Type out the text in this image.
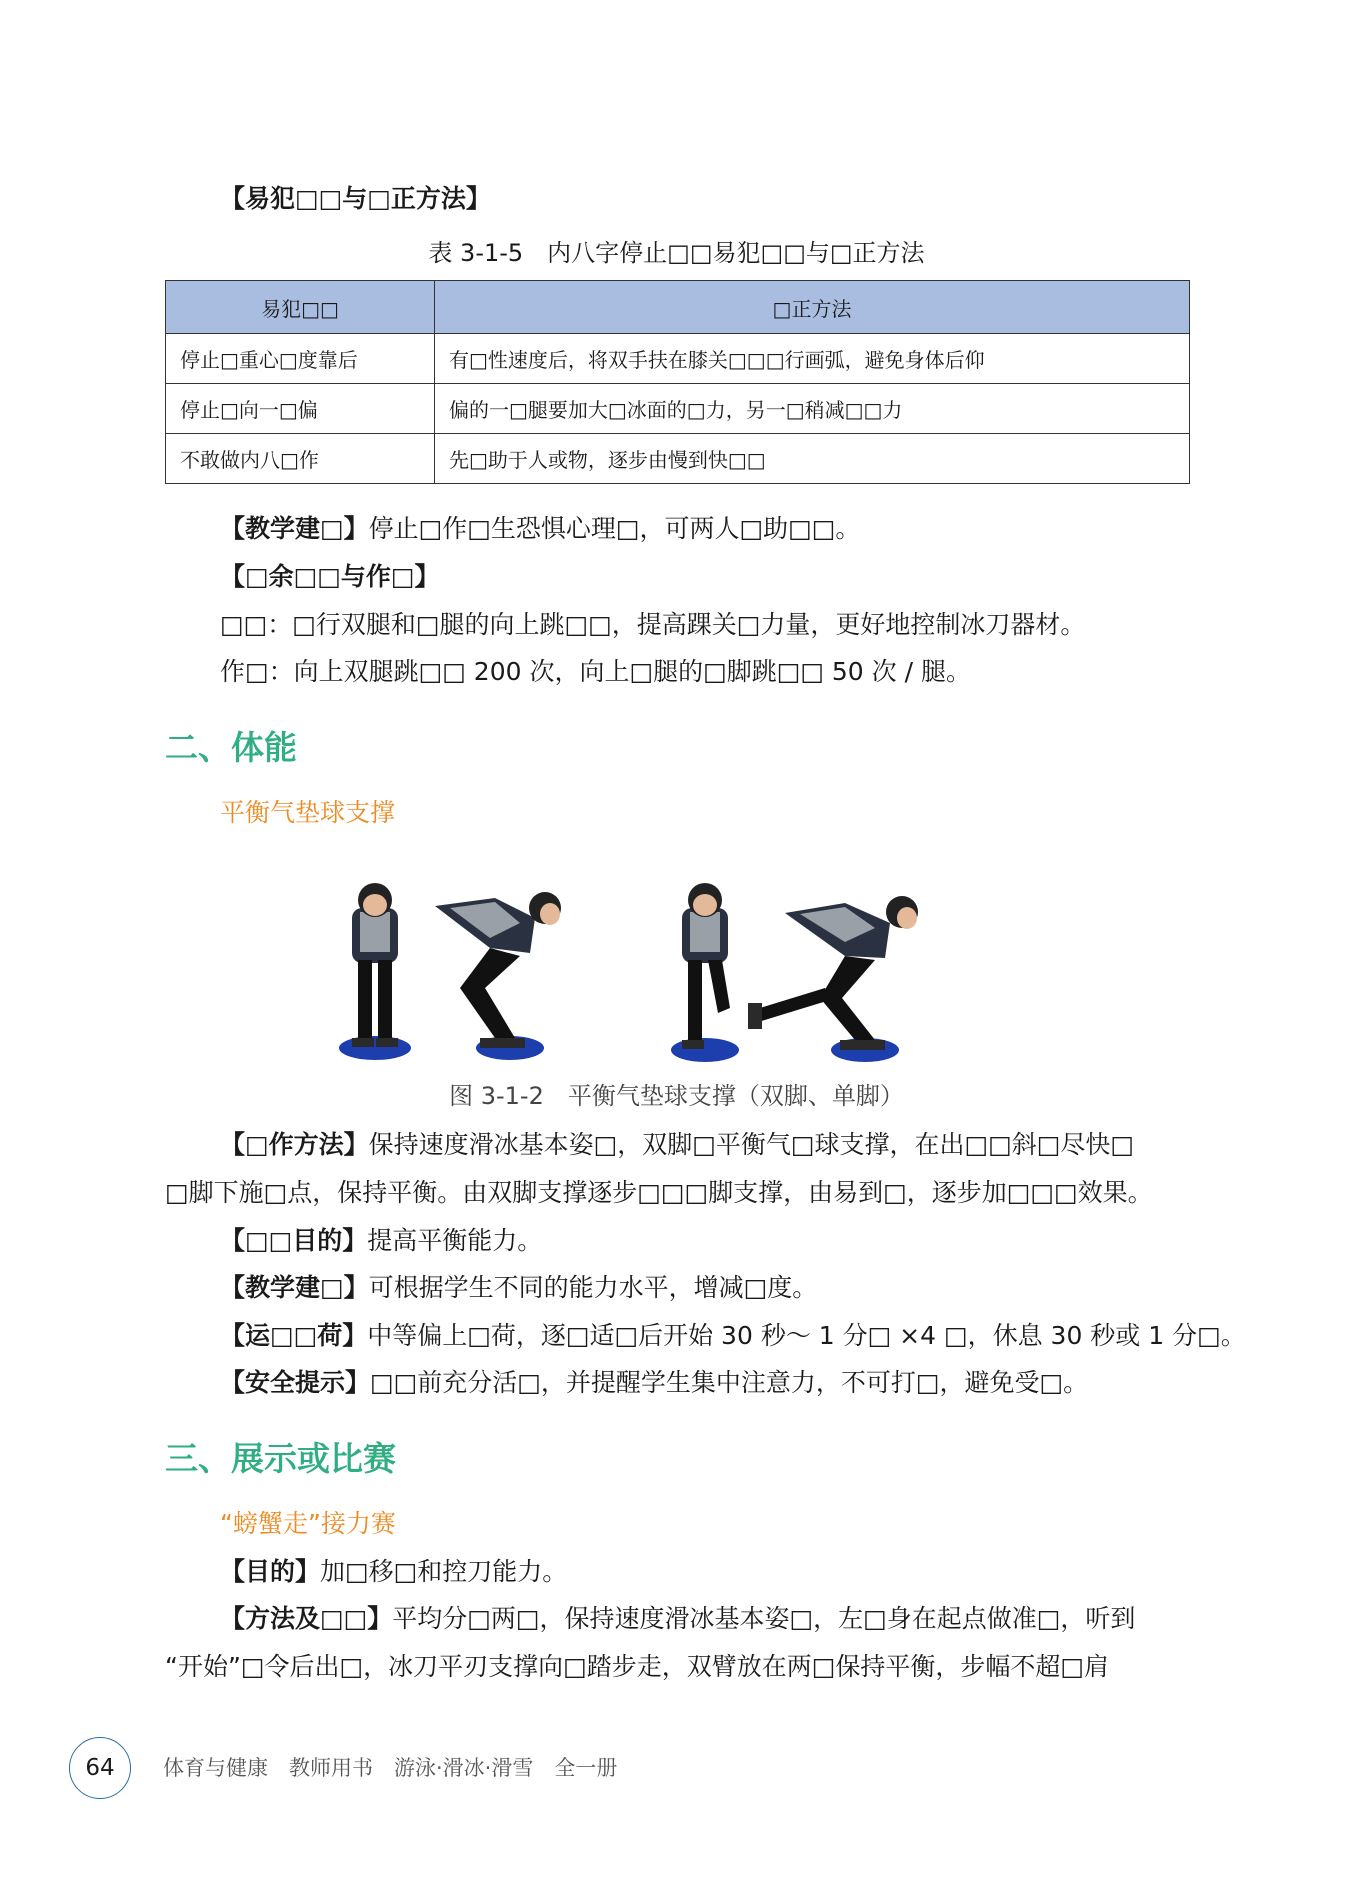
【易犯□□与□正方法】
表 3-1-5　内八字停止□□易犯□□与□正方法
易犯□□	□正方法
停止□重心□度靠后	有□性速度后，将双手扶在膝关□□□行画弧，避免身体后仰
停止□向一□偏	偏的一□腿要加大□冰面的□力，另一□稍减□□力
不敢做内八□作	先□助于人或物，逐步由慢到快□□
【教学建□】停止□作□生恐惧心理□，可两人□助□□。
【□余□□与作□】
□□：□行双腿和□腿的向上跳□□，提高踝关□力量，更好地控制冰刀器材。
作□：向上双腿跳□□ 200 次，向上□腿的□脚跳□□ 50 次 / 腿。
二、体能
平衡气垫球支撑
图 3-1-2　平衡气垫球支撑（双脚、单脚）
【□作方法】保持速度滑冰基本姿□，双脚□平衡气□球支撑，在出□□斜□尽快□
□脚下施□点，保持平衡。由双脚支撑逐步□□□脚支撑，由易到□，逐步加□□□效果。
【□□目的】提高平衡能力。
【教学建□】可根据学生不同的能力水平，增减□度。
【运□□荷】中等偏上□荷，逐□适□后开始 30 秒～ 1 分□ ×4 □，休息 30 秒或 1 分□。
【安全提示】□□前充分活□，并提醒学生集中注意力，不可打□，避免受□。
三、展示或比赛
“螃蟹走”接力赛
【目的】加□移□和控刀能力。
【方法及□□】平均分□两□，保持速度滑冰基本姿□，左□身在起点做准□，听到
“开始”□令后出□，冰刀平刃支撑向□踏步走，双臂放在两□保持平衡，步幅不超□肩
64	体育与健康　教师用书　游泳·滑冰·滑雪　全一册
